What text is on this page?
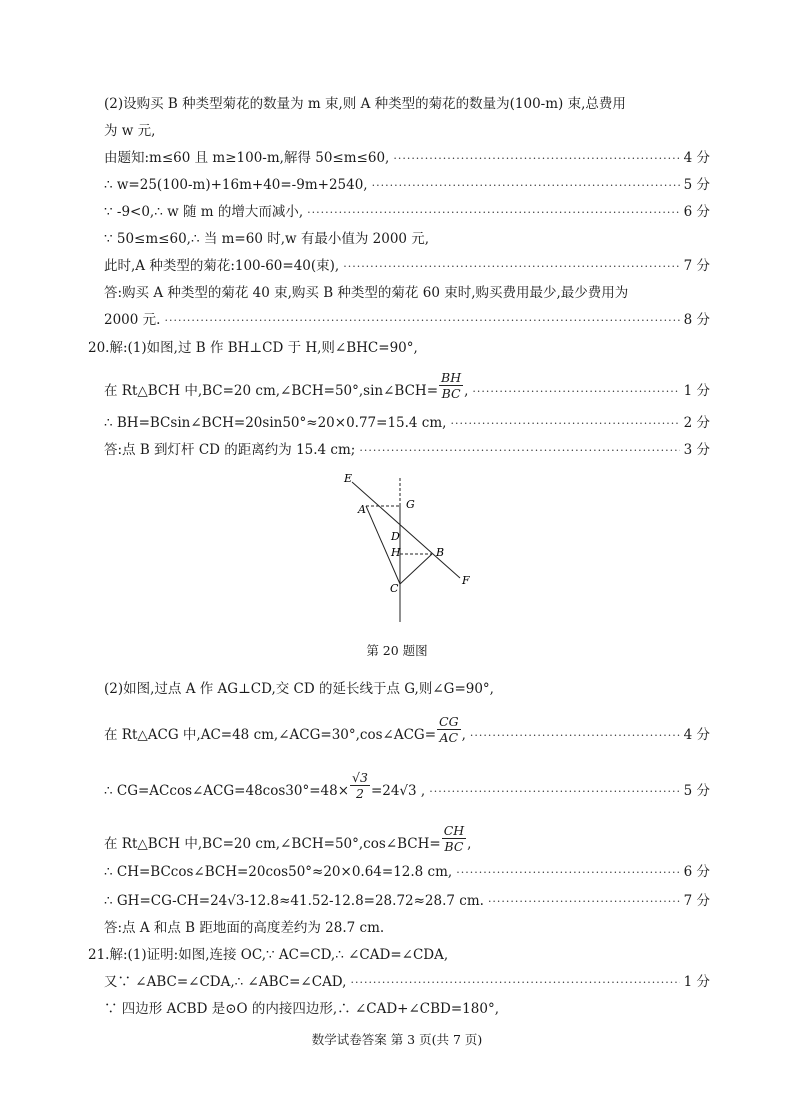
(2)设购买 B 种类型菊花的数量为 m 束,则 A 种类型的菊花的数量为(100-m) 束,总费用
为 w 元,
由题知:m≤60 且 m≥100-m,解得 50≤m≤60, ·····	4 分
∴ w=25(100-m)+16m+40=-9m+2540, ·····	5 分
∵ -9<0,∴ w 随 m 的增大而减小, ·····	6 分
∵ 50≤m≤60,∴ 当 m=60 时,w 有最小值为 2000 元,
此时,A 种类型的菊花:100-60=40(束), ·····	7 分
答:购买 A 种类型的菊花 40 束,购买 B 种类型的菊花 60 束时,购买费用最少,最少费用为
2000 元. ·····	8 分
20. 解:(1)如图,过 B 作 BH⊥CD 于 H,则∠BHC=90°,
在 Rt△BCH 中,BC=20 cm,∠BCH=50°,sin∠BCH= $\frac{BH}{BC}$ , ·····	1 分
∴ BH=BCsin∠BCH=20sin50°≈20×0.77=15.4 cm, ·····	2 分
答:点 B 到灯杆 CD 的距离约为 15.4 cm; ·····	3 分
E
A	G
D
H	B
C
F
第 20 题图
(2)如图,过点 A 作 AG⊥CD,交 CD 的延长线于点 G,则∠G=90°,
在 Rt△ACG 中,AC=48 cm,∠ACG=30°,cos∠ACG= $\frac{CG}{AC}$ , ·····	4 分
∴ CG=ACcos∠ACG=48cos30°=48× $\frac{√3}{2} =24√3$ , ·····	5 分
在 Rt△BCH 中,BC=20 cm,∠BCH=50°,cos∠BCH= $\frac{CH}{BC}$ ,
∴ CH=BCcos∠BCH=20cos50°≈20×0.64=12.8 cm, ·····	6 分
∴ GH=CG-CH=24√3-12.8≈41.52-12.8=28.72≈28.7 cm. ·····	7 分
答:点 A 和点 B 距地面的高度差约为 28.7 cm.
21. 解:(1)证明:如图,连接 OC,∵ AC=CD,∴ ∠CAD=∠CDA,
又∵ ∠ABC=∠CDA,∴ ∠ABC=∠CAD, ·····	1 分
∵ 四边形 ACBD 是⊙O 的内接四边形,∴ ∠CAD+∠CBD=180°,
数学试卷答案 第 3 页(共 7 页)
